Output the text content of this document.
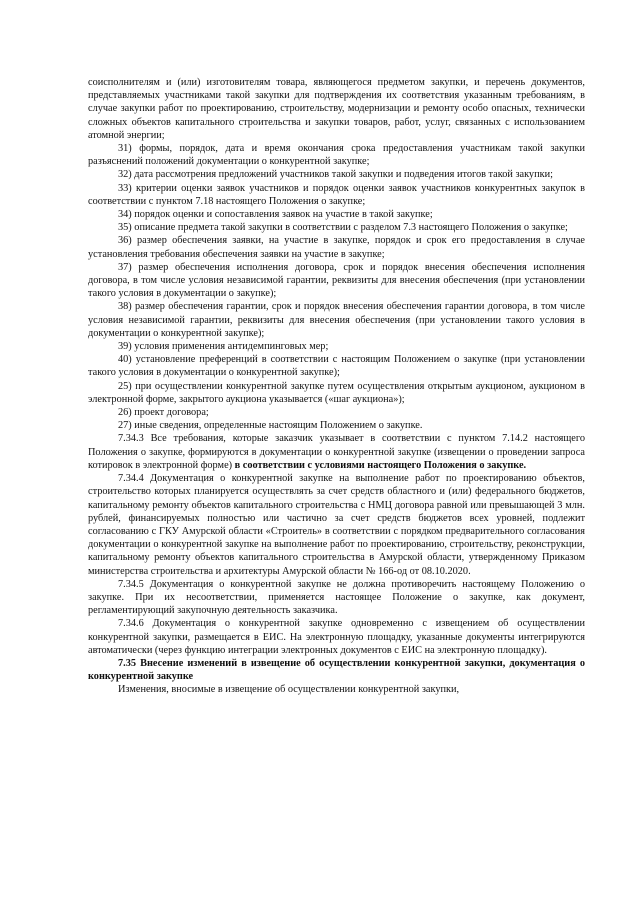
соисполнителям и (или) изготовителям товара, являющегося предметом закупки, и перечень документов, представляемых участниками такой закупки для подтверждения их соответствия указанным требованиям, в случае закупки работ по проектированию, строительству, модернизации и ремонту особо опасных, технически сложных объектов капитального строительства и закупки товаров, работ, услуг, связанных с использованием атомной энергии;

31) формы, порядок, дата и время окончания срока предоставления участникам такой закупки разъяснений положений документации о конкурентной закупке;

32) дата рассмотрения предложений участников такой закупки и подведения итогов такой закупки;

33) критерии оценки заявок участников и порядок оценки заявок участников конкурентных закупок в соответствии с пунктом 7.18 настоящего Положения о закупке;

34) порядок оценки и сопоставления заявок на участие в такой закупке;

35) описание предмета такой закупки в соответствии с разделом 7.3 настоящего Положения о закупке;

36) размер обеспечения заявки, на участие в закупке, порядок и срок его предоставления в случае установления требования обеспечения заявки на участие в закупке;

37) размер обеспечения исполнения договора, срок и порядок внесения обеспечения исполнения договора, в том числе условия независимой гарантии, реквизиты для внесения обеспечения (при установлении такого условия в документации о закупке);

38) размер обеспечения гарантии, срок и порядок внесения обеспечения гарантии договора, в том числе условия независимой гарантии, реквизиты для внесения обеспечения (при установлении такого условия в документации о конкурентной закупке);

39) условия применения антидемпинговых мер;

40) установление преференций в соответствии с настоящим Положением о закупке (при установлении такого условия в документации о конкурентной закупке);

25) при осуществлении конкурентной закупке путем осуществления открытым аукционом, аукционом в электронной форме, закрытого аукциона указывается («шаг аукциона»);

26) проект договора;

27) иные сведения, определенные настоящим Положением о закупке.

7.34.3 Все требования, которые заказчик указывает в соответствии с пунктом 7.14.2 настоящего Положения о закупке, формируются в документации о конкурентной закупке (извещении о проведении запроса котировок в электронной форме) в соответствии с условиями настоящего Положения о закупке.

7.34.4 Документация о конкурентной закупке на выполнение работ по проектированию объектов, строительство которых планируется осуществлять за счет средств областного и (или) федерального бюджетов, капитальному ремонту объектов капитального строительства с НМЦ договора равной или превышающей 3 млн. рублей, финансируемых полностью или частично за счет средств бюджетов всех уровней, подлежит согласованию с ГКУ Амурской области «Строитель» в соответствии с порядком предварительного согласования документации о конкурентной закупке на выполнение работ по проектированию, строительству, реконструкции, капитальному ремонту объектов капитального строительства в Амурской области, утвержденному Приказом министерства строительства и архитектуры Амурской области № 166-од от 08.10.2020.

7.34.5 Документация о конкурентной закупке не должна противоречить настоящему Положению о закупке. При их несоответствии, применяется настоящее Положение о закупке, как документ, регламентирующий закупочную деятельность заказчика.

7.34.6 Документация о конкурентной закупке одновременно с извещением об осуществлении конкурентной закупки, размещается в ЕИС. На электронную площадку, указанные документы интегрируются автоматически (через функцию интеграции электронных документов с ЕИС на электронную площадку).

7.35 Внесение изменений в извещение об осуществлении конкурентной закупки, документация о конкурентной закупке

Изменения, вносимые в извещение об осуществлении конкурентной закупки,
